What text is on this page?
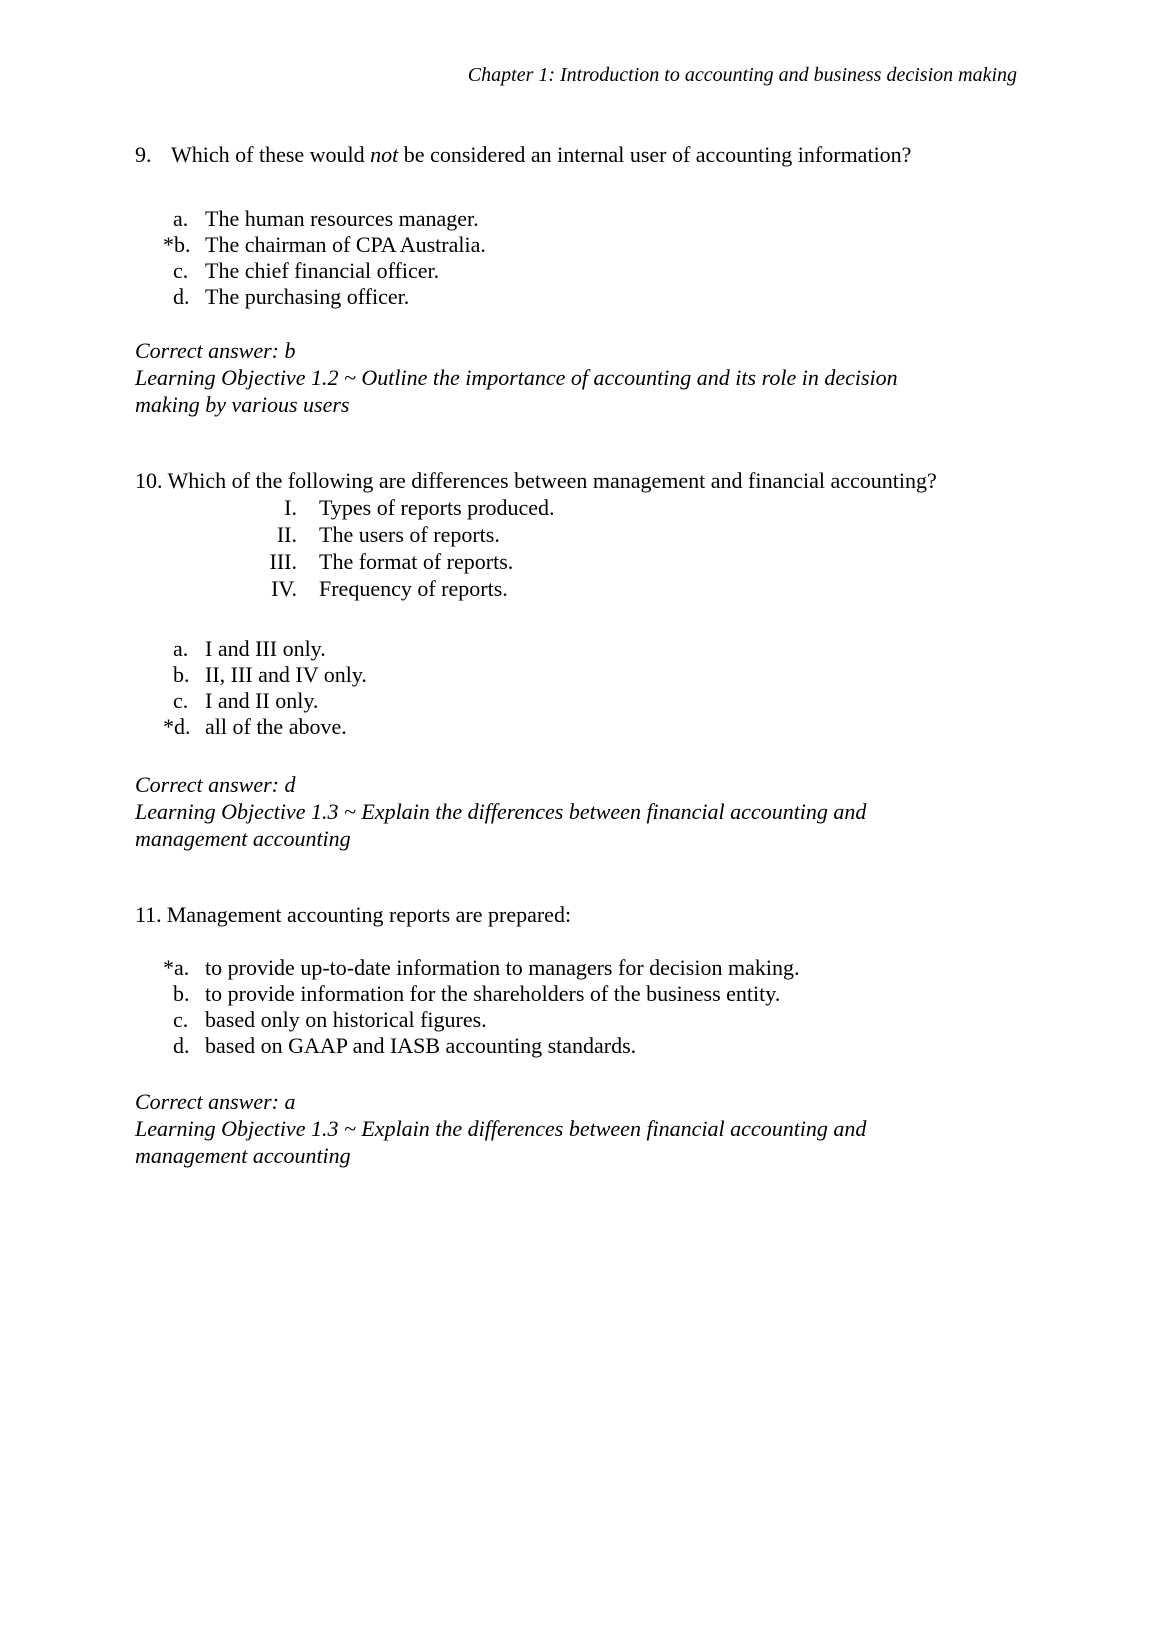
Chapter 1: Introduction to accounting and business decision making
9. Which of these would not be considered an internal user of accounting information?
a. The human resources manager.
*b. The chairman of CPA Australia.
c. The chief financial officer.
d. The purchasing officer.
Correct answer: b
Learning Objective 1.2 ~ Outline the importance of accounting and its role in decision
making by various users
10. Which of the following are differences between management and financial accounting?
I. Types of reports produced.
II. The users of reports.
III. The format of reports.
IV. Frequency of reports.
a. I and III only.
b. II, III and IV only.
c. I and II only.
*d. all of the above.
Correct answer: d
Learning Objective 1.3 ~ Explain the differences between financial accounting and
management accounting
11. Management accounting reports are prepared:
*a. to provide up-to-date information to managers for decision making.
b. to provide information for the shareholders of the business entity.
c. based only on historical figures.
d. based on GAAP and IASB accounting standards.
Correct answer: a
Learning Objective 1.3 ~ Explain the differences between financial accounting and
management accounting
